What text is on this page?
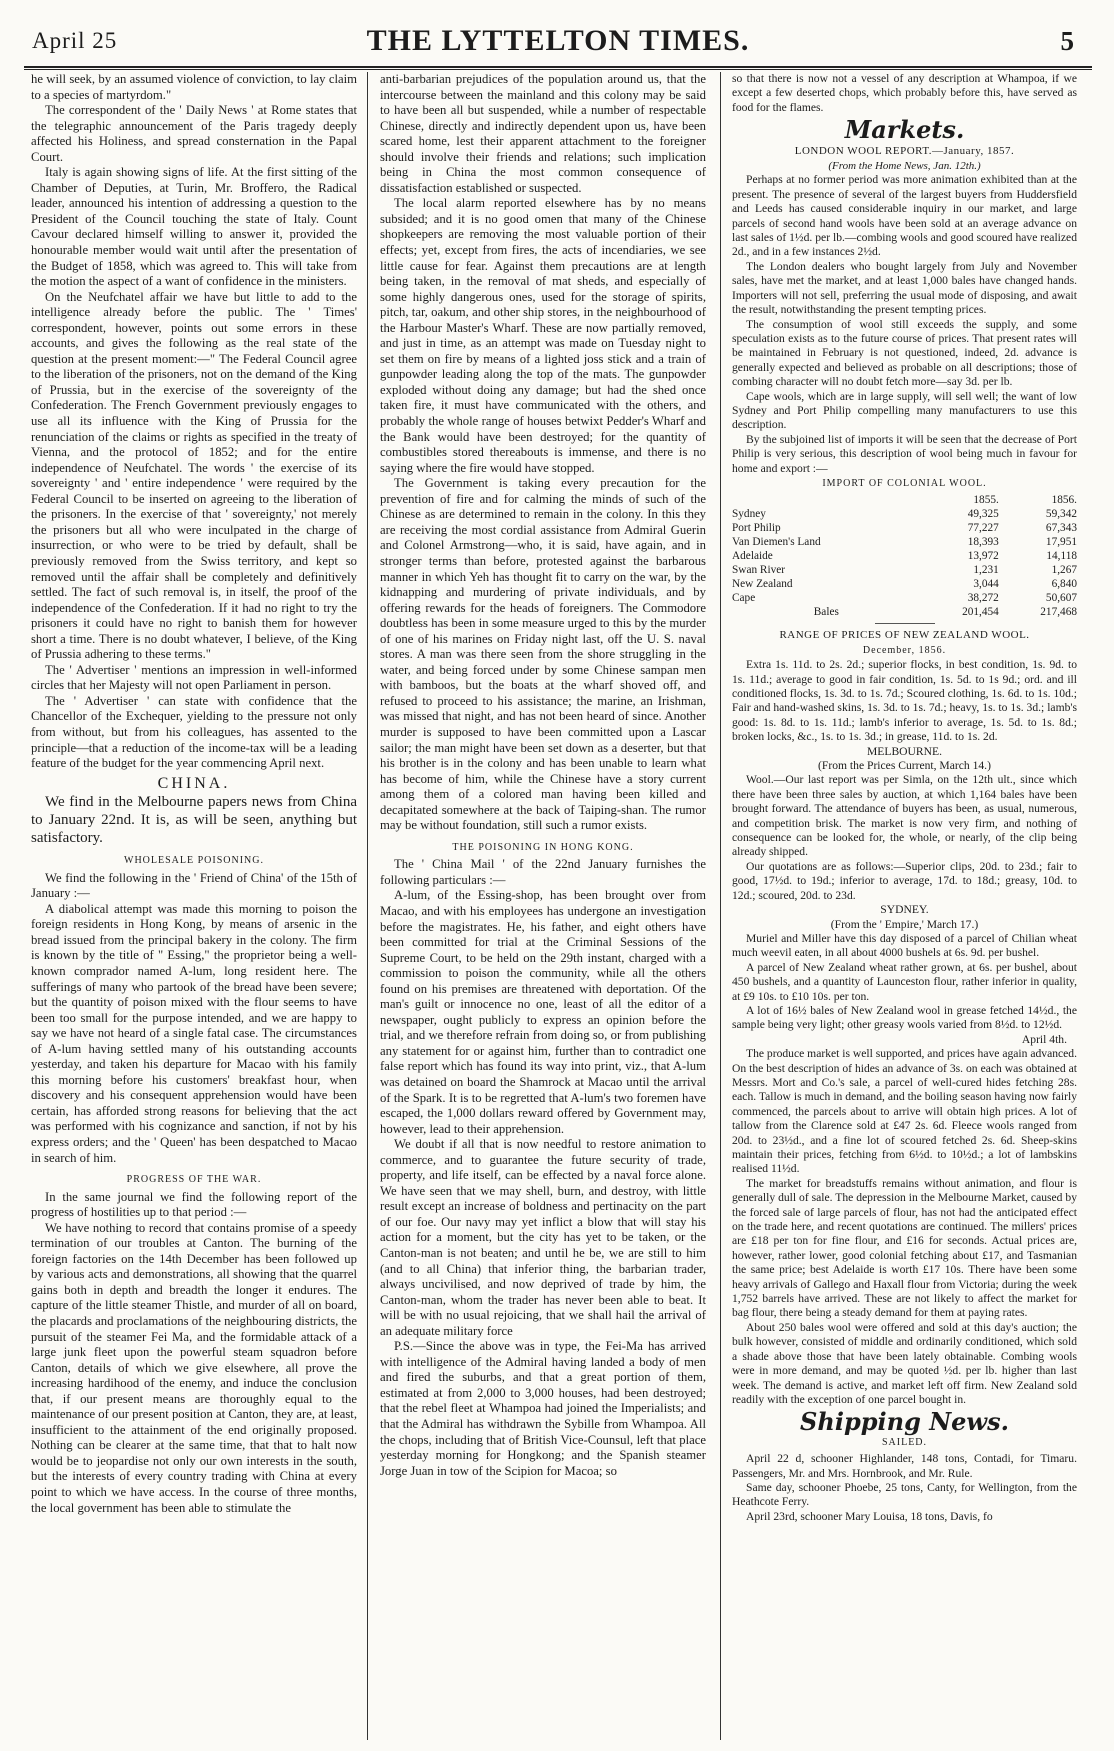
April 25	THE LYTTELTON TIMES.	5

he will seek, by an assumed violence of conviction, to lay claim to a species of martyrdom."

The correspondent of the ' Daily News ' at Rome states that the telegraphic announcement of the Paris tragedy deeply affected his Holiness, and spread consternation in the Papal Court.

Italy is again showing signs of life. At the first sitting of the Chamber of Deputies, at Turin, Mr. Broffero, the Radical leader, announced his intention of addressing a question to the President of the Council touching the state of Italy. Count Cavour declared himself willing to answer it, provided the honourable member would wait until after the presentation of the Budget of 1858, which was agreed to. This will take from the motion the aspect of a want of confidence in the ministers.

On the Neufchatel affair we have but little to add to the intelligence already before the public. The ' Times' correspondent, however, points out some errors in these accounts, and gives the following as the real state of the question at the present moment:—" The Federal Council agree to the liberation of the prisoners, not on the demand of the King of Prussia, but in the exercise of the sovereignty of the Confederation. The French Government previously engages to use all its influence with the King of Prussia for the renunciation of the claims or rights as specified in the treaty of Vienna, and the protocol of 1852; and for the entire independence of Neufchatel. The words ' the exercise of its sovereignty ' and ' entire independence ' were required by the Federal Council to be inserted on agreeing to the liberation of the prisoners. In the exercise of that ' sovereignty,' not merely the prisoners but all who were inculpated in the charge of insurrection, or who were to be tried by default, shall be previously removed from the Swiss territory, and kept so removed until the affair shall be completely and definitively settled. The fact of such removal is, in itself, the proof of the independence of the Confederation. If it had no right to try the prisoners it could have no right to banish them for however short a time. There is no doubt whatever, I believe, of the King of Prussia adhering to these terms."

The ' Advertiser ' mentions an impression in well-informed circles that her Majesty will not open Parliament in person.

The ' Advertiser ' can state with confidence that the Chancellor of the Exchequer, yielding to the pressure not only from without, but from his colleagues, has assented to the principle—that a reduction of the income-tax will be a leading feature of the budget for the year commencing April next.

CHINA.

We find in the Melbourne papers news from China to January 22nd. It is, as will be seen, anything but satisfactory.

WHOLESALE POISONING.

We find the following in the ' Friend of China' of the 15th of January :—

A diabolical attempt was made this morning to poison the foreign residents in Hong Kong, by means of arsenic in the bread issued from the principal bakery in the colony. The firm is known by the title of " Essing," the proprietor being a well-known comprador named A-lum, long resident here. The sufferings of many who partook of the bread have been severe; but the quantity of poison mixed with the flour seems to have been too small for the purpose intended, and we are happy to say we have not heard of a single fatal case. The circumstances of A-lum having settled many of his outstanding accounts yesterday, and taken his departure for Macao with his family this morning before his customers' breakfast hour, when discovery and his consequent apprehension would have been certain, has afforded strong reasons for believing that the act was performed with his cognizance and sanction, if not by his express orders; and the ' Queen' has been despatched to Macao in search of him.

PROGRESS OF THE WAR.

In the same journal we find the following report of the progress of hostilities up to that period :—

We have nothing to record that contains promise of a speedy termination of our troubles at Canton. The burning of the foreign factories on the 14th December has been followed up by various acts and demonstrations, all showing that the quarrel gains both in depth and breadth the longer it endures. The capture of the little steamer Thistle, and murder of all on board, the placards and proclamations of the neighbouring districts, the pursuit of the steamer Fei Ma, and the formidable attack of a large junk fleet upon the powerful steam squadron before Canton, details of which we give elsewhere, all prove the increasing hardihood of the enemy, and induce the conclusion that, if our present means are thoroughly equal to the maintenance of our present position at Canton, they are, at least, insufficient to the attainment of the end originally proposed. Nothing can be clearer at the same time, that that to halt now would be to jeopardise not only our own interests in the south, but the interests of every country trading with China at every point to which we have access. In the course of three months, the local government has been able to stimulate the

anti-barbarian prejudices of the population around us, that the intercourse between the mainland and this colony may be said to have been all but suspended, while a number of respectable Chinese, directly and indirectly dependent upon us, have been scared home, lest their apparent attachment to the foreigner should involve their friends and relations; such implication being in China the most common consequence of dissatisfaction established or suspected.

The local alarm reported elsewhere has by no means subsided; and it is no good omen that many of the Chinese shopkeepers are removing the most valuable portion of their effects; yet, except from fires, the acts of incendiaries, we see little cause for fear. Against them precautions are at length being taken, in the removal of mat sheds, and especially of some highly dangerous ones, used for the storage of spirits, pitch, tar, oakum, and other ship stores, in the neighbourhood of the Harbour Master's Wharf. These are now partially removed, and just in time, as an attempt was made on Tuesday night to set them on fire by means of a lighted joss stick and a train of gunpowder leading along the top of the mats. The gunpowder exploded without doing any damage; but had the shed once taken fire, it must have communicated with the others, and probably the whole range of houses betwixt Pedder's Wharf and the Bank would have been destroyed; for the quantity of combustibles stored thereabouts is immense, and there is no saying where the fire would have stopped.

The Government is taking every precaution for the prevention of fire and for calming the minds of such of the Chinese as are determined to remain in the colony. In this they are receiving the most cordial assistance from Admiral Guerin and Colonel Armstrong—who, it is said, have again, and in stronger terms than before, protested against the barbarous manner in which Yeh has thought fit to carry on the war, by the kidnapping and murdering of private individuals, and by offering rewards for the heads of foreigners. The Commodore doubtless has been in some measure urged to this by the murder of one of his marines on Friday night last, off the U. S. naval stores. A man was there seen from the shore struggling in the water, and being forced under by some Chinese sampan men with bamboos, but the boats at the wharf shoved off, and refused to proceed to his assistance; the marine, an Irishman, was missed that night, and has not been heard of since. Another murder is supposed to have been committed upon a Lascar sailor; the man might have been set down as a deserter, but that his brother is in the colony and has been unable to learn what has become of him, while the Chinese have a story current among them of a colored man having been killed and decapitated somewhere at the back of Taiping-shan. The rumor may be without foundation, still such a rumor exists.

THE POISONING IN HONG KONG.

The ' China Mail ' of the 22nd January furnishes the following particulars :—

A-lum, of the Essing-shop, has been brought over from Macao, and with his employees has undergone an investigation before the magistrates. He, his father, and eight others have been committed for trial at the Criminal Sessions of the Supreme Court, to be held on the 29th instant, charged with a commission to poison the community, while all the others found on his premises are threatened with deportation. Of the man's guilt or innocence no one, least of all the editor of a newspaper, ought publicly to express an opinion before the trial, and we therefore refrain from doing so, or from publishing any statement for or against him, further than to contradict one false report which has found its way into print, viz., that A-lum was detained on board the Shamrock at Macao until the arrival of the Spark. It is to be regretted that A-lum's two foremen have escaped, the 1,000 dollars reward offered by Government may, however, lead to their apprehension.

We doubt if all that is now needful to restore animation to commerce, and to guarantee the future security of trade, property, and life itself, can be effected by a naval force alone. We have seen that we may shell, burn, and destroy, with little result except an increase of boldness and pertinacity on the part of our foe. Our navy may yet inflict a blow that will stay his action for a moment, but the city has yet to be taken, or the Canton-man is not beaten; and until he be, we are still to him (and to all China) that inferior thing, the barbarian trader, always uncivilised, and now deprived of trade by him, the Canton-man, whom the trader has never been able to beat. It will be with no usual rejoicing, that we shall hail the arrival of an adequate military force

P.S.—Since the above was in type, the Fei-Ma has arrived with intelligence of the Admiral having landed a body of men and fired the suburbs, and that a great portion of them, estimated at from 2,000 to 3,000 houses, had been destroyed; that the rebel fleet at Whampoa had joined the Imperialists; and that the Admiral has withdrawn the Sybille from Whampoa. All the chops, including that of British Vice-Counsul, left that place yesterday morning for Hongkong; and the Spanish steamer Jorge Juan in tow of the Scipion for Macoa; so

so that there is now not a vessel of any description at Whampoa, if we except a few deserted chops, which probably before this, have served as food for the flames.

Markets.
LONDON WOOL REPORT.—January, 1857.
(From the Home News, Jan. 12th.)

Perhaps at no former period was more animation exhibited than at the present. The presence of several of the largest buyers from Huddersfield and Leeds has caused considerable inquiry in our market, and large parcels of second hand wools have been sold at an average advance on last sales of 1½d. per lb.—combing wools and good scoured have realized 2d., and in a few instances 2½d.

The London dealers who bought largely from July and November sales, have met the market, and at least 1,000 bales have changed hands. Importers will not sell, preferring the usual mode of disposing, and await the result, notwithstanding the present tempting prices.

The consumption of wool still exceeds the supply, and some speculation exists as to the future course of prices. That present rates will be maintained in February is not questioned, indeed, 2d. advance is generally expected and believed as probable on all descriptions; those of combing character will no doubt fetch more—say 3d. per lb.

Cape wools, which are in large supply, will sell well; the want of low Sydney and Port Philip compelling many manufacturers to use this description.

By the subjoined list of imports it will be seen that the decrease of Port Philip is very serious, this description of wool being much in favour for home and export :—

IMPORT OF COLONIAL WOOL.
	1855.	1856.
Sydney	49,325	59,342
Port Philip	77,227	67,343
Van Diemen's Land	18,393	17,951
Adelaide	13,972	14,118
Swan River	1,231	1,267
New Zealand	3,044	6,840
Cape	38,272	50,607
Bales	201,454	217,468
RANGE OF PRICES OF NEW ZEALAND WOOL.
December, 1856.

Extra 1s. 11d. to 2s. 2d.; superior flocks, in best condition, 1s. 9d. to 1s. 11d.; average to good in fair condition, 1s. 5d. to 1s 9d.; ord. and ill conditioned flocks, 1s. 3d. to 1s. 7d.; Scoured clothing, 1s. 6d. to 1s. 10d.; Fair and hand-washed skins, 1s. 3d. to 1s. 7d.; heavy, 1s. to 1s. 3d.; lamb's good: 1s. 8d. to 1s. 11d.; lamb's inferior to average, 1s. 5d. to 1s. 8d.; broken locks, &c., 1s. to 1s. 3d.; in grease, 11d. to 1s. 2d.

MELBOURNE.
(From the Prices Current, March 14.)

Wool.—Our last report was per Simla, on the 12th ult., since which there have been three sales by auction, at which 1,164 bales have been brought forward. The attendance of buyers has been, as usual, numerous, and competition brisk. The market is now very firm, and nothing of consequence can be looked for, the whole, or nearly, of the clip being already shipped.

Our quotations are as follows:—Superior clips, 20d. to 23d.; fair to good, 17½d. to 19d.; inferior to average, 17d. to 18d.; greasy, 10d. to 12d.; scoured, 20d. to 23d.

SYDNEY.
(From the ' Empire,' March 17.)

Muriel and Miller have this day disposed of a parcel of Chilian wheat much weevil eaten, in all about 4000 bushels at 6s. 9d. per bushel.

A parcel of New Zealand wheat rather grown, at 6s. per bushel, about 450 bushels, and a quantity of Launceston flour, rather inferior in quality, at £9 10s. to £10 10s. per ton.

A lot of 16½ bales of New Zealand wool in grease fetched 14½d., the sample being very light; other greasy wools varied from 8½d. to 12½d.

April 4th.

The produce market is well supported, and prices have again advanced. On the best description of hides an advance of 3s. on each was obtained at Messrs. Mort and Co.'s sale, a parcel of well-cured hides fetching 28s. each. Tallow is much in demand, and the boiling season having now fairly commenced, the parcels about to arrive will obtain high prices. A lot of tallow from the Clarence sold at £47 2s. 6d. Fleece wools ranged from 20d. to 23½d., and a fine lot of scoured fetched 2s. 6d. Sheep-skins maintain their prices, fetching from 6½d. to 10½d.; a lot of lambskins realised 11½d.

The market for breadstuffs remains without animation, and flour is generally dull of sale. The depression in the Melbourne Market, caused by the forced sale of large parcels of flour, has not had the anticipated effect on the trade here, and recent quotations are continued. The millers' prices are £18 per ton for fine flour, and £16 for seconds. Actual prices are, however, rather lower, good colonial fetching about £17, and Tasmanian the same price; best Adelaide is worth £17 10s. There have been some heavy arrivals of Gallego and Haxall flour from Victoria; during the week 1,752 barrels have arrived. These are not likely to affect the market for bag flour, there being a steady demand for them at paying rates.

About 250 bales wool were offered and sold at this day's auction; the bulk however, consisted of middle and ordinarily conditioned, which sold a shade above those that have been lately obtainable. Combing wools were in more demand, and may be quoted ½d. per lb. higher than last week. The demand is active, and market left off firm. New Zealand sold readily with the exception of one parcel bought in.

Shipping News.
SAILED.

April 22 d, schooner Highlander, 148 tons, Contadi, for Timaru. Passengers, Mr. and Mrs. Hornbrook, and Mr. Rule.

Same day, schooner Phoebe, 25 tons, Canty, for Wellington, from the Heathcote Ferry.

April 23rd, schooner Mary Louisa, 18 tons, Davis, fo
